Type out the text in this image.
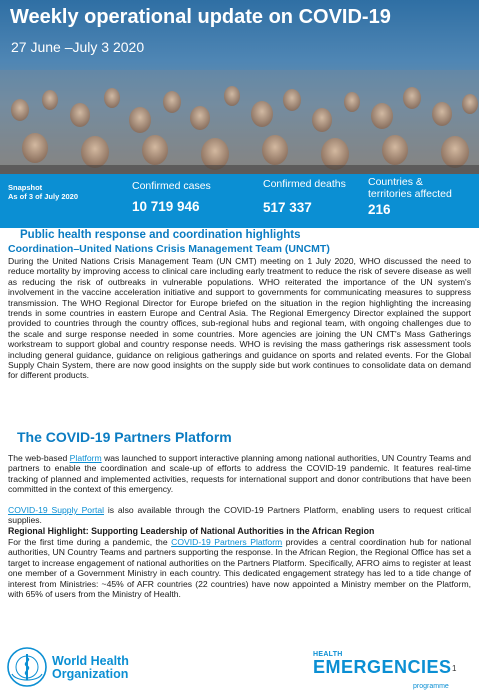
Weekly operational update on COVID-19
27 June –July 3 2020
Snapshot
As of 3 of July 2020
Confirmed cases
10 719 946
Confirmed deaths
517 337
Countries &
territories affected
216
Public health response and coordination highlights
Coordination–United Nations Crisis Management Team (UNCMT)
During the United Nations Crisis Management Team (UN CMT) meeting on 1 July 2020, WHO discussed the need to reduce mortality by improving access to clinical care including early treatment to reduce the risk of severe disease as well as reducing the risk of outbreaks in vulnerable populations. WHO reiterated the importance of the UN system's involvement in the vaccine acceleration initiative and support to governments for communicating measures to suppress transmission. The WHO Regional Director for Europe briefed on the situation in the region highlighting the increasing trends in some countries in eastern Europe and Central Asia. The Regional Emergency Director explained the support provided to countries through the country offices, sub-regional hubs and regional team, with ongoing challenges due to the scale and surge response needed in some countries. More agencies are joining the UN CMT's Mass Gatherings workstream to support global and country response needs. WHO is revising the mass gatherings risk assessment tools including general guidance, guidance on religious gatherings and guidance on sports and related events. For the Global Supply Chain System, there are now good insights on the supply side but work continues to consolidate data on demand for different products.
The COVID-19 Partners Platform
The web-based Platform was launched to support interactive planning among national authorities, UN Country Teams and partners to enable the coordination and scale-up of efforts to address the COVID-19 pandemic. It features real-time tracking of planned and implemented activities, requests for international support and donor contributions that have been committed in the context of this emergency.
COVID-19 Supply Portal is also available through the COVID-19 Partners Platform, enabling users to request critical supplies.
Regional Highlight: Supporting Leadership of National Authorities in the African Region
For the first time during a pandemic, the COVID-19 Partners Platform provides a central coordination hub for national authorities, UN Country Teams and partners supporting the response. In the African Region, the Regional Office has set a target to increase engagement of national authorities on the Partners Platform. Specifically, AFRO aims to register at least one member of a Government Ministry in each country. This dedicated engagement strategy has led to a tide change of interest from Ministries: ~45% of AFR countries (22 countries) have now appointed a Ministry member on the Platform, with 65% of users from the Ministry of Health.
World Health
Organization
HEALTH
EMERGENCIES
programme
1
